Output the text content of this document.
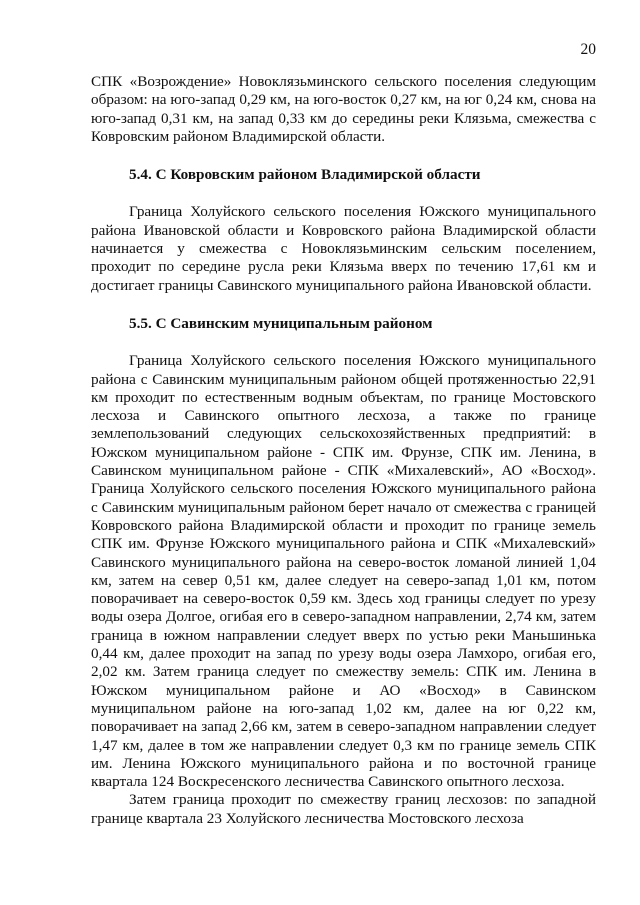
20

СПК «Возрождение» Новоклязьминского сельского поселения следующим образом: на юго-запад 0,29 км, на юго-восток 0,27 км, на юг 0,24 км, снова на юго-запад 0,31 км, на запад 0,33 км до середины реки Клязьма, смежества с Ковровским районом Владимирской области.

5.4. С Ковровским районом Владимирской области

Граница Холуйского сельского поселения Южского муниципального района Ивановской области и Ковровского района Владимирской области начинается у смежества с Новоклязьминским сельским поселением, проходит по середине русла реки Клязьма вверх по течению 17,61 км и достигает границы Савинского муниципального района Ивановской области.

5.5. С Савинским муниципальным районом

Граница Холуйского сельского поселения Южского муниципального района с Савинским муниципальным районом общей протяженностью 22,91 км проходит по естественным водным объектам, по границе Мостовского лесхоза и Савинского опытного лесхоза, а также по границе землепользований следующих сельскохозяйственных предприятий: в Южском муниципальном районе - СПК им. Фрунзе, СПК им. Ленина, в Савинском муниципальном районе - СПК «Михалевский», АО «Восход». Граница Холуйского сельского поселения Южского муниципального района с Савинским муниципальным районом берет начало от смежества с границей Ковровского района Владимирской области и проходит по границе земель СПК им. Фрунзе Южского муниципального района и СПК «Михалевский» Савинского муниципального района на северо-восток ломаной линией 1,04 км, затем на север 0,51 км, далее следует на северо-запад 1,01 км, потом поворачивает на северо-восток 0,59 км. Здесь ход границы следует по урезу воды озера Долгое, огибая его в северо-западном направлении, 2,74 км, затем граница в южном направлении следует вверх по устью реки Маньшинька 0,44 км, далее проходит на запад по урезу воды озера Ламхоро, огибая его, 2,02 км. Затем граница следует по смежеству земель: СПК им. Ленина в Южском муниципальном районе и АО «Восход» в Савинском муниципальном районе на юго-запад 1,02 км, далее на юг 0,22 км, поворачивает на запад 2,66 км, затем в северо-западном направлении следует 1,47 км, далее в том же направлении следует 0,3 км по границе земель СПК им. Ленина Южского муниципального района и по восточной границе квартала 124 Воскресенского лесничества Савинского опытного лесхоза.

Затем граница проходит по смежеству границ лесхозов: по западной границе квартала 23 Холуйского лесничества Мостовского лесхоза
